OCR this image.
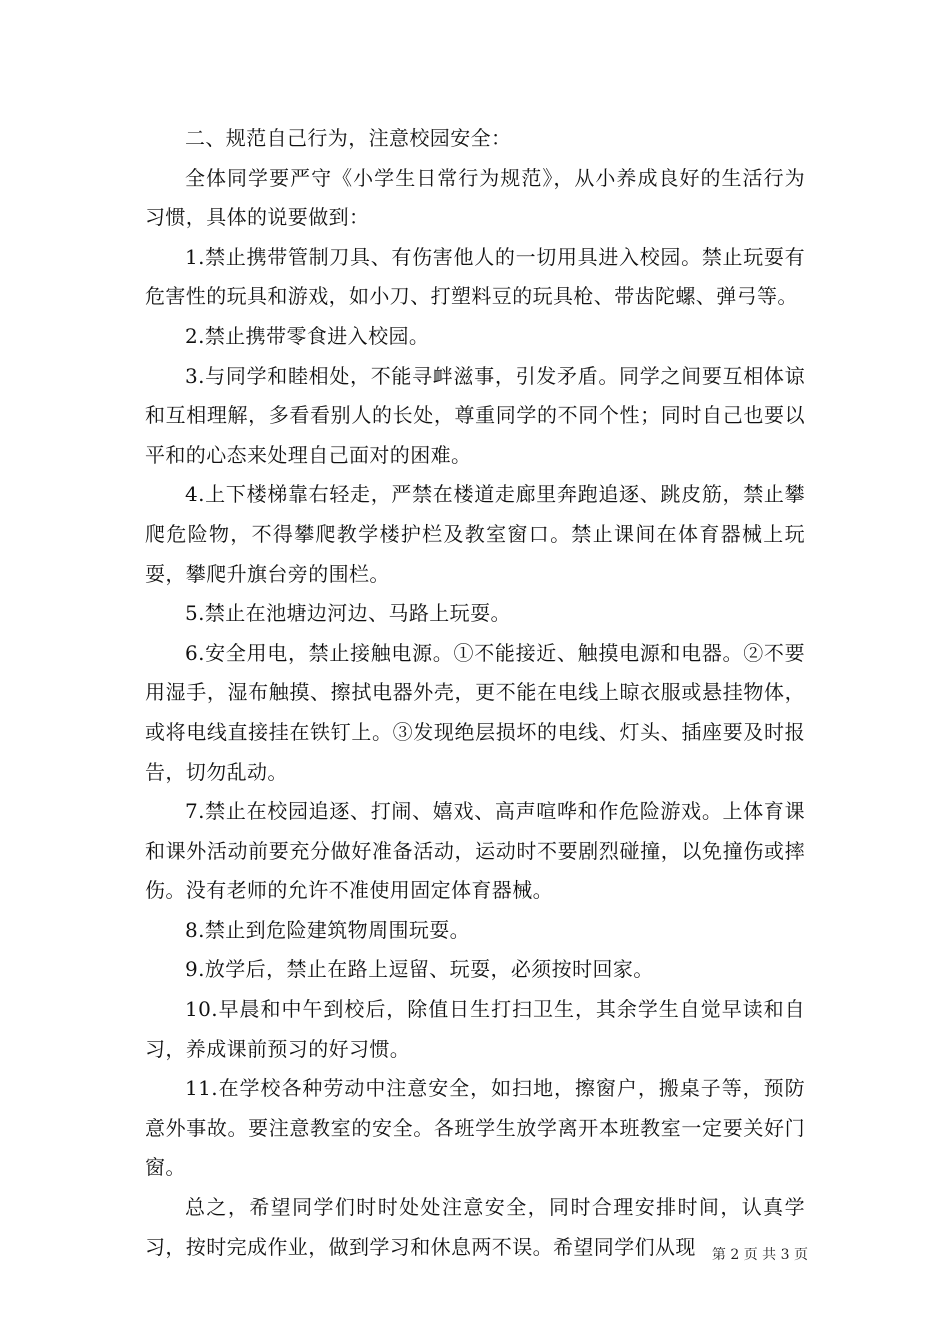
二、规范自己行为，注意校园安全：

全体同学要严守《小学生日常行为规范》，从小养成良好的生活行为习惯，具体的说要做到：

1.禁止携带管制刀具、有伤害他人的一切用具进入校园。禁止玩耍有危害性的玩具和游戏，如小刀、打塑料豆的玩具枪、带齿陀螺、弹弓等。

2.禁止携带零食进入校园。

3.与同学和睦相处，不能寻衅滋事，引发矛盾。同学之间要互相体谅和互相理解，多看看别人的长处，尊重同学的不同个性；同时自己也要以平和的心态来处理自己面对的困难。

4.上下楼梯靠右轻走，严禁在楼道走廊里奔跑追逐、跳皮筋，禁止攀爬危险物，不得攀爬教学楼护栏及教室窗口。禁止课间在体育器械上玩耍，攀爬升旗台旁的围栏。

5.禁止在池塘边河边、马路上玩耍。

6.安全用电，禁止接触电源。①不能接近、触摸电源和电器。②不要用湿手，湿布触摸、擦拭电器外壳，更不能在电线上晾衣服或悬挂物体，或将电线直接挂在铁钉上。③发现绝层损坏的电线、灯头、插座要及时报告，切勿乱动。

7.禁止在校园追逐、打闹、嬉戏、高声喧哗和作危险游戏。上体育课和课外活动前要充分做好准备活动，运动时不要剧烈碰撞，以免撞伤或摔伤。没有老师的允许不准使用固定体育器械。

8.禁止到危险建筑物周围玩耍。

9.放学后，禁止在路上逗留、玩耍，必须按时回家。

10.早晨和中午到校后，除值日生打扫卫生，其余学生自觉早读和自习，养成课前预习的好习惯。

11.在学校各种劳动中注意安全，如扫地，擦窗户，搬桌子等，预防意外事故。要注意教室的安全。各班学生放学离开本班教室一定要关好门窗。

总之，希望同学们时时处处注意安全，同时合理安排时间，认真学习，按时完成作业，做到学习和休息两不误。希望同学们从现	第 2 页 共 3 页
